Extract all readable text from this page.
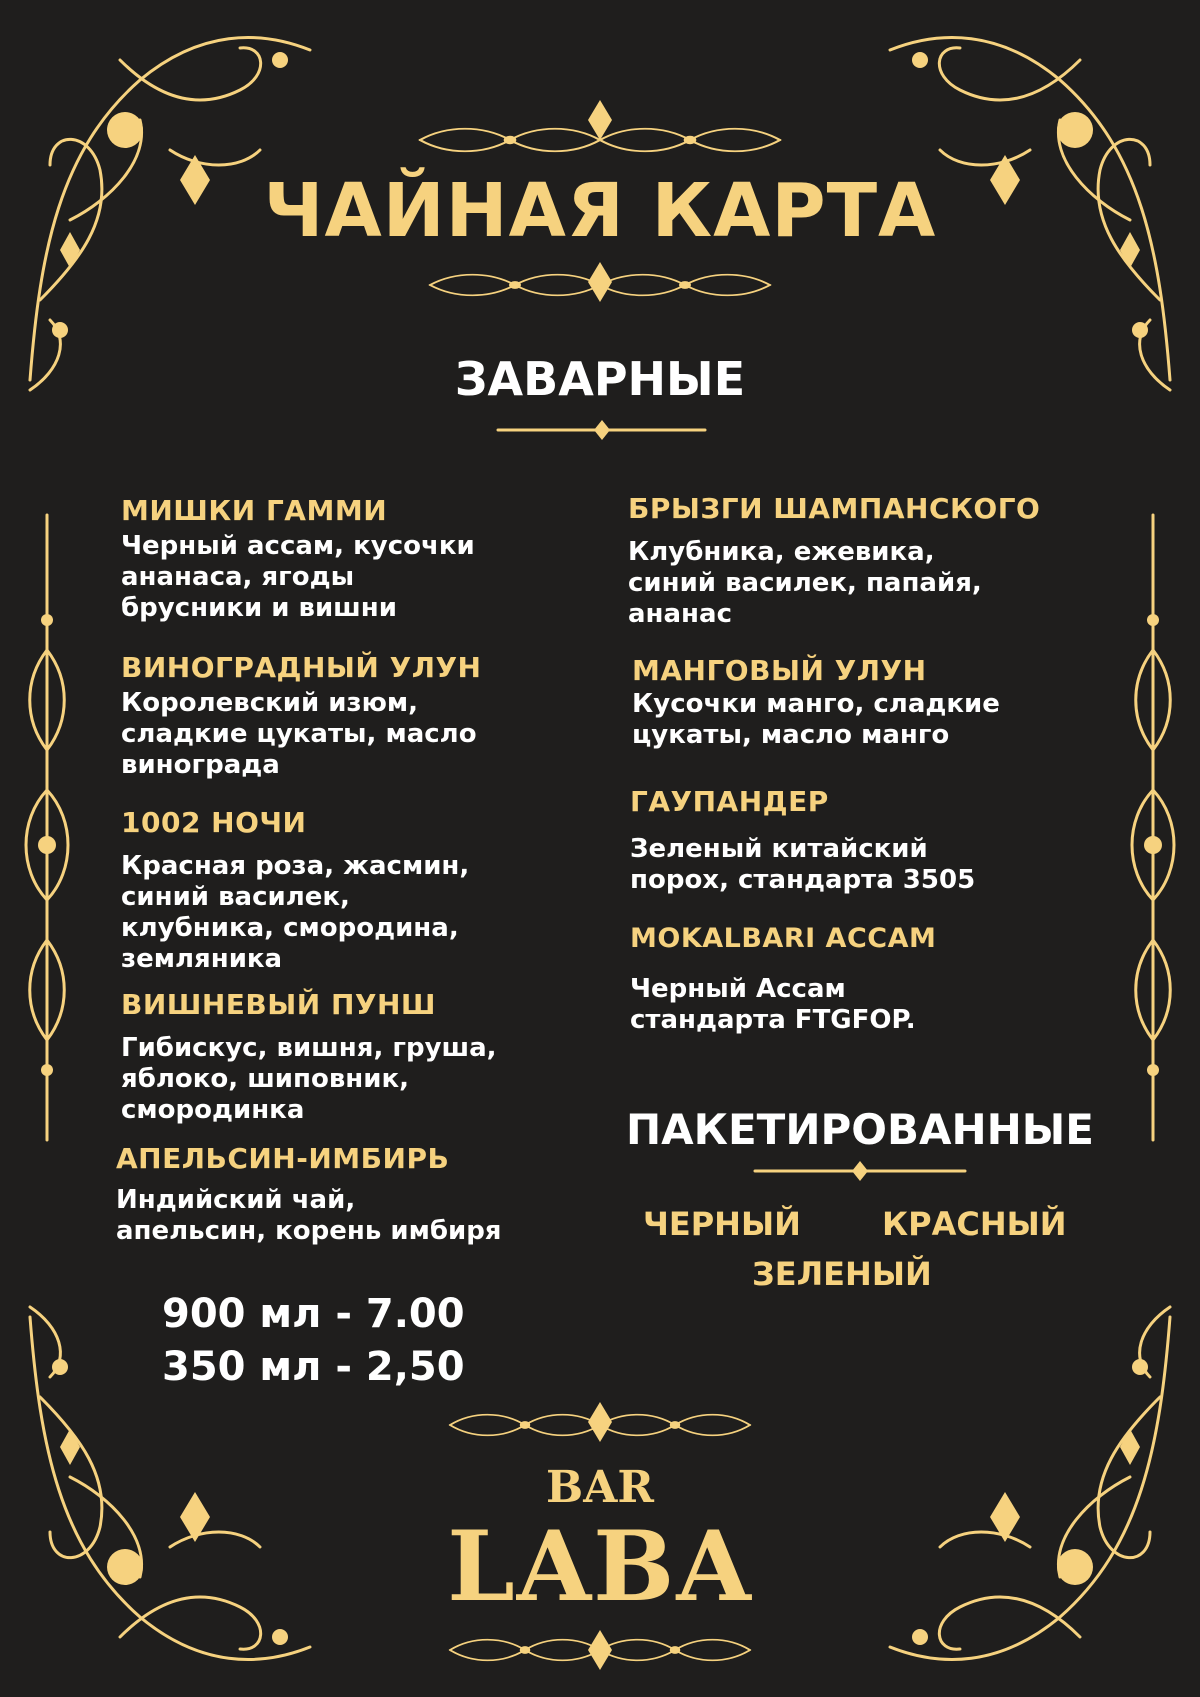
ЧАЙНАЯ КАРТА
ЗАВАРНЫЕ
МИШКИ ГАММИ
Черный ассам, кусочки
ананаса, ягоды
брусники и вишни
ВИНОГРАДНЫЙ УЛУН
Королевский изюм,
сладкие цукаты, масло
винограда
1002 НОЧИ
Красная роза, жасмин,
синий василек,
клубника, смородина,
земляника
ВИШНЕВЫЙ ПУНШ
Гибискус, вишня, груша,
яблоко, шиповник,
смородинка
АПЕЛЬСИН-ИМБИРЬ
Индийский чай,
апельсин, корень имбиря
БРЫЗГИ ШАМПАНСКОГО
Клубника, ежевика,
синий василек, папайя,
ананас
МАНГОВЫЙ УЛУН
Кусочки манго, сладкие
цукаты, масло манго
ГАУПАНДЕР
Зеленый китайский
порох, стандарта 3505
MOKALBARI АССАМ
Черный Ассам
стандарта FTGFOP.
ПАКЕТИРОВАННЫЕ
ЧЕРНЫЙ	КРАСНЫЙ
ЗЕЛЕНЫЙ
900 мл - 7.00
350 мл - 2,50
BAR
LABA
